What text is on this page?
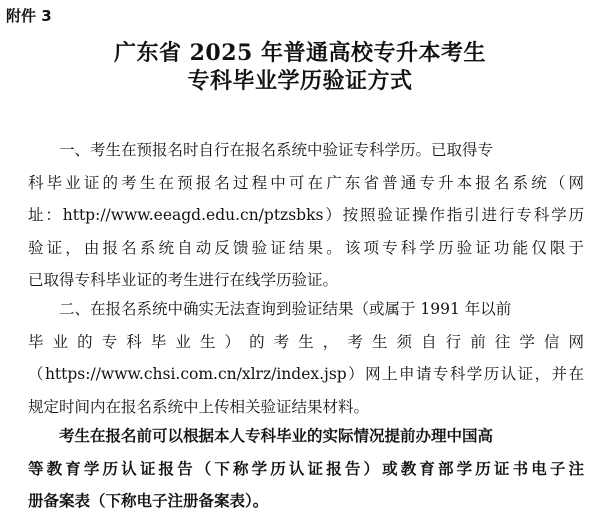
附件 3
广东省 2025 年普通高校专升本考生
专科毕业学历验证方式
一、考生在预报名时自行在报名系统中验证专科学历。已取得专
科毕业证的考生在预报名过程中可在广东省普通专升本报名系统（网
址：http://www.eeagd.edu.cn/ptzsbks）按照验证操作指引进行专科学历
验证，由报名系统自动反馈验证结果。该项专科学历验证功能仅限于
已取得专科毕业证的考生进行在线学历验证。
二、在报名系统中确实无法查询到验证结果（或属于 1991 年以前
毕 业 的 专 科 毕 业 生 ） 的 考 生 ， 考 生 须 自 行 前 往 学 信 网
（https://www.chsi.com.cn/xlrz/index.jsp）网上申请专科学历认证，并在
规定时间内在报名系统中上传相关验证结果材料。
考生在报名前可以根据本人专科毕业的实际情况提前办理中国高
等教育学历认证报告（下称学历认证报告）或教育部学历证书电子注
册备案表（下称电子注册备案表）。
